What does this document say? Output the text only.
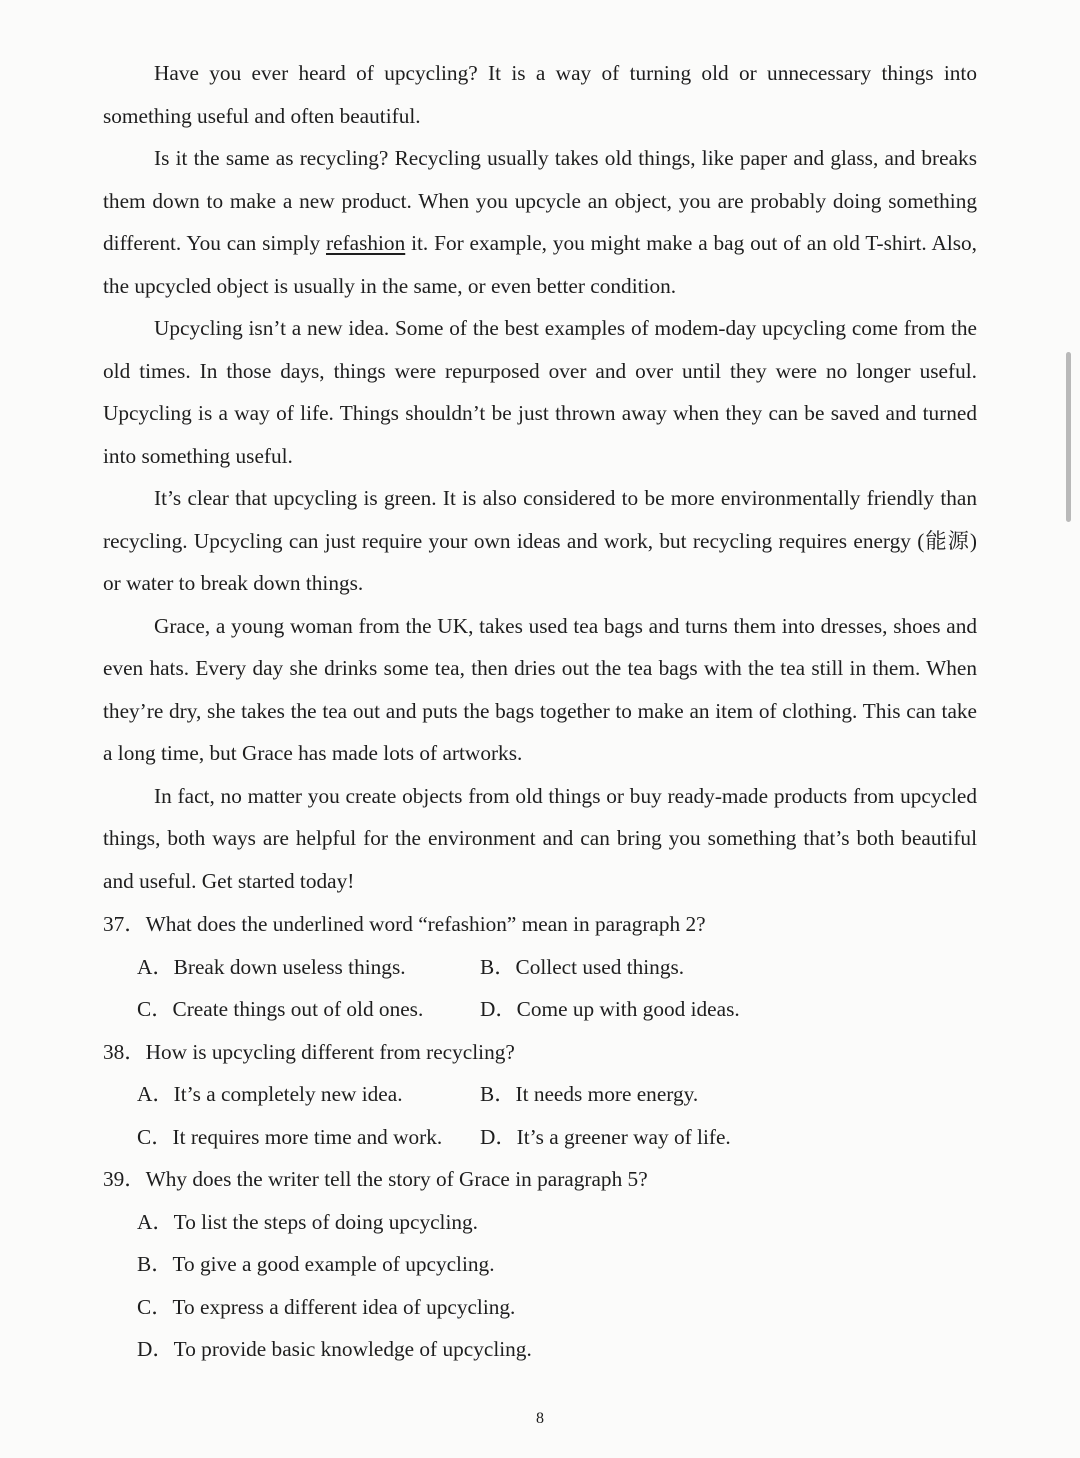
Have you ever heard of upcycling? It is a way of turning old or unnecessary things into something useful and often beautiful.

Is it the same as recycling? Recycling usually takes old things, like paper and glass, and breaks them down to make a new product. When you upcycle an object, you are probably doing something different. You can simply refashion it. For example, you might make a bag out of an old T-shirt. Also, the upcycled object is usually in the same, or even better condition.

Upcycling isn’t a new idea. Some of the best examples of modem-day upcycling come from the old times. In those days, things were repurposed over and over until they were no longer useful. Upcycling is a way of life. Things shouldn’t be just thrown away when they can be saved and turned into something useful.

It’s clear that upcycling is green. It is also considered to be more environmentally friendly than recycling. Upcycling can just require your own ideas and work, but recycling requires energy (能源) or water to break down things.

Grace, a young woman from the UK, takes used tea bags and turns them into dresses, shoes and even hats. Every day she drinks some tea, then dries out the tea bags with the tea still in them. When they’re dry, she takes the tea out and puts the bags together to make an item of clothing. This can take a long time, but Grace has made lots of artworks.

In fact, no matter you create objects from old things or buy ready-made products from upcycled things, both ways are helpful for the environment and can bring you something that’s both beautiful and useful. Get started today!

37．What does the underlined word “refashion” mean in paragraph 2?

A．Break down useless things.	B．Collect used things.
C．Create things out of old ones.	D．Come up with good ideas.

38．How is upcycling different from recycling?

A．It’s a completely new idea.	B．It needs more energy.
C．It requires more time and work.	D．It’s a greener way of life.

39．Why does the writer tell the story of Grace in paragraph 5?

A．To list the steps of doing upcycling.

B．To give a good example of upcycling.

C．To express a different idea of upcycling.

D．To provide basic knowledge of upcycling.

8
